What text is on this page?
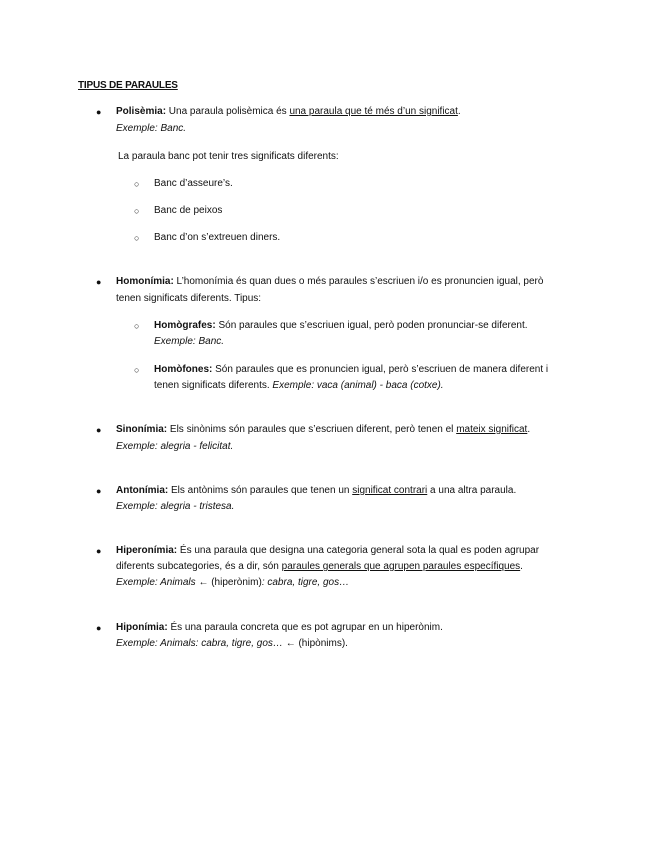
TIPUS DE PARAULES
●	Polisèmia: Una paraula polisèmica és una paraula que té més d’un significat.
Exemple: Banc.
La paraula banc pot tenir tres significats diferents:
○	Banc d’asseure’s.
○	Banc de peixos
○	Banc d’on s’extreuen diners.
●	Homonímia: L’homonímia és quan dues o més paraules s’escriuen i/o es pronuncien igual, però
tenen significats diferents. Tipus:
○	Homògrafes: Són paraules que s’escriuen igual, però poden pronunciar-se diferent.
Exemple: Banc.
○	Homòfones: Són paraules que es pronuncien igual, però s’escriuen de manera diferent i
tenen significats diferents. Exemple: vaca (animal) - baca (cotxe).
●	Sinonímia: Els sinònims són paraules que s’escriuen diferent, però tenen el mateix significat.
Exemple: alegria - felicitat.
●	Antonímia: Els antònims són paraules que tenen un significat contrari a una altra paraula.
Exemple: alegria - tristesa.
●	Hiperonímia: És una paraula que designa una categoria general sota la qual es poden agrupar
diferents subcategories, és a dir, són paraules generals que agrupen paraules específiques.
Exemple: Animals ← (hiperònim): cabra, tigre, gos…
●	Hiponímia: És una paraula concreta que es pot agrupar en un hiperònim.
Exemple: Animals: cabra, tigre, gos… ← (hipònims).
